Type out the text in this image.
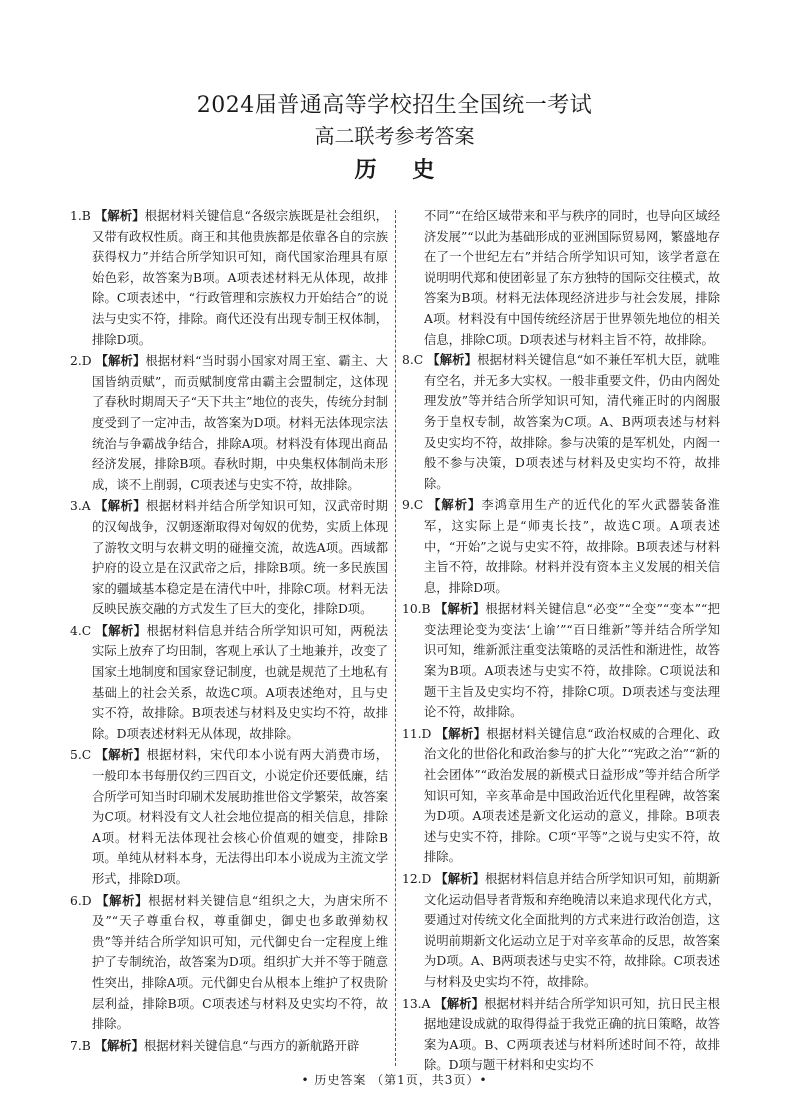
2024届普通高等学校招生全国统一考试
高二联考参考答案
历 史

1.B 【解析】根据材料关键信息“各级宗族既是社会组织，又带有政权性质。商王和其他贵族都是依靠各自的宗族获得权力”并结合所学知识可知，商代国家治理具有原始色彩，故答案为B项。A项表述材料无从体现，故排除。C项表述中，“行政管理和宗族权力开始结合”的说法与史实不符，排除。商代还没有出现专制王权体制，排除D项。

2.D 【解析】根据材料“当时弱小国家对周王室、霸主、大国皆纳贡赋”，而贡赋制度常由霸主会盟制定，这体现了春秋时期周天子“天下共主”地位的丧失，传统分封制度受到了一定冲击，故答案为D项。材料无法体现宗法统治与争霸战争结合，排除A项。材料没有体现出商品经济发展，排除B项。春秋时期，中央集权体制尚未形成，谈不上削弱，C项表述与史实不符，故排除。

3.A 【解析】根据材料并结合所学知识可知，汉武帝时期的汉匈战争，汉朝逐渐取得对匈奴的优势，实质上体现了游牧文明与农耕文明的碰撞交流，故选A项。西域都护府的设立是在汉武帝之后，排除B项。统一多民族国家的疆域基本稳定是在清代中叶，排除C项。材料无法反映民族交融的方式发生了巨大的变化，排除D项。

4.C 【解析】根据材料信息并结合所学知识可知，两税法实际上放弃了均田制，客观上承认了土地兼并，改变了国家土地制度和国家登记制度，也就是规范了土地私有基础上的社会关系，故选C项。A项表述绝对，且与史实不符，故排除。B项表述与材料及史实均不符，故排除。D项表述材料无从体现，故排除。

5.C 【解析】根据材料，宋代印本小说有两大消费市场，一般印本书每册仅约三四百文，小说定价还要低廉，结合所学可知当时印刷术发展助推世俗文学繁荣，故答案为C项。材料没有文人社会地位提高的相关信息，排除A项。材料无法体现社会核心价值观的嬗变，排除B项。单纯从材料本身，无法得出印本小说成为主流文学形式，排除D项。

6.D 【解析】根据材料关键信息“组织之大，为唐宋所不及”“天子尊重台权，尊重御史，御史也多敢弹劾权贵”等并结合所学知识可知，元代御史台一定程度上维护了专制统治，故答案为D项。组织扩大并不等于随意性突出，排除A项。元代御史台从根本上维护了权贵阶层利益，排除B项。C项表述与材料及史实均不符，故排除。

7.B 【解析】根据材料关键信息“与西方的新航路开辟

不同”“在给区域带来和平与秩序的同时，也导向区域经济发展”“以此为基础形成的亚洲国际贸易网，繁盛地存在了一个世纪左右”并结合所学知识可知，该学者意在说明明代郑和使团彰显了东方独特的国际交往模式，故答案为B项。材料无法体现经济进步与社会发展，排除A项。材料没有中国传统经济居于世界领先地位的相关信息，排除C项。D项表述与材料主旨不符，故排除。

8.C 【解析】根据材料关键信息“如不兼任军机大臣，就唯有空名，并无多大实权。一般非重要文件，仍由内阁处理发放”等并结合所学知识可知，清代雍正时的内阁服务于皇权专制，故答案为C项。A、B两项表述与材料及史实均不符，故排除。参与决策的是军机处，内阁一般不参与决策，D项表述与材料及史实均不符，故排除。

9.C 【解析】李鸿章用生产的近代化的军火武器装备淮军，这实际上是“师夷长技”，故选C项。A项表述中，“开始”之说与史实不符，故排除。B项表述与材料主旨不符，故排除。材料并没有资本主义发展的相关信息，排除D项。

10.B 【解析】根据材料关键信息“必变”“全变”“变本”“把变法理论变为变法‘上谕’”“百日维新”等并结合所学知识可知，维新派注重变法策略的灵活性和渐进性，故答案为B项。A项表述与史实不符，故排除。C项说法和题干主旨及史实均不符，排除C项。D项表述与变法理论不符，故排除。

11.D 【解析】根据材料关键信息“政治权威的合理化、政治文化的世俗化和政治参与的扩大化”“宪政之治”“新的社会团体”“政治发展的新模式日益形成”等并结合所学知识可知，辛亥革命是中国政治近代化里程碑，故答案为D项。A项表述是新文化运动的意义，排除。B项表述与史实不符，排除。C项“平等”之说与史实不符，故排除。

12.D 【解析】根据材料信息并结合所学知识可知，前期新文化运动倡导者背叛和弃绝晚清以来追求现代化方式，要通过对传统文化全面批判的方式来进行政治创造，这说明前期新文化运动立足于对辛亥革命的反思，故答案为D项。A、B两项表述与史实不符，故排除。C项表述与材料及史实均不符，故排除。

13.A 【解析】根据材料并结合所学知识可知，抗日民主根据地建设成就的取得得益于我党正确的抗日策略，故答案为A项。B、C两项表述与材料所述时间不符，故排除。D项与题干材料和史实均不

• 历史答案 （第1页，共3页）•
